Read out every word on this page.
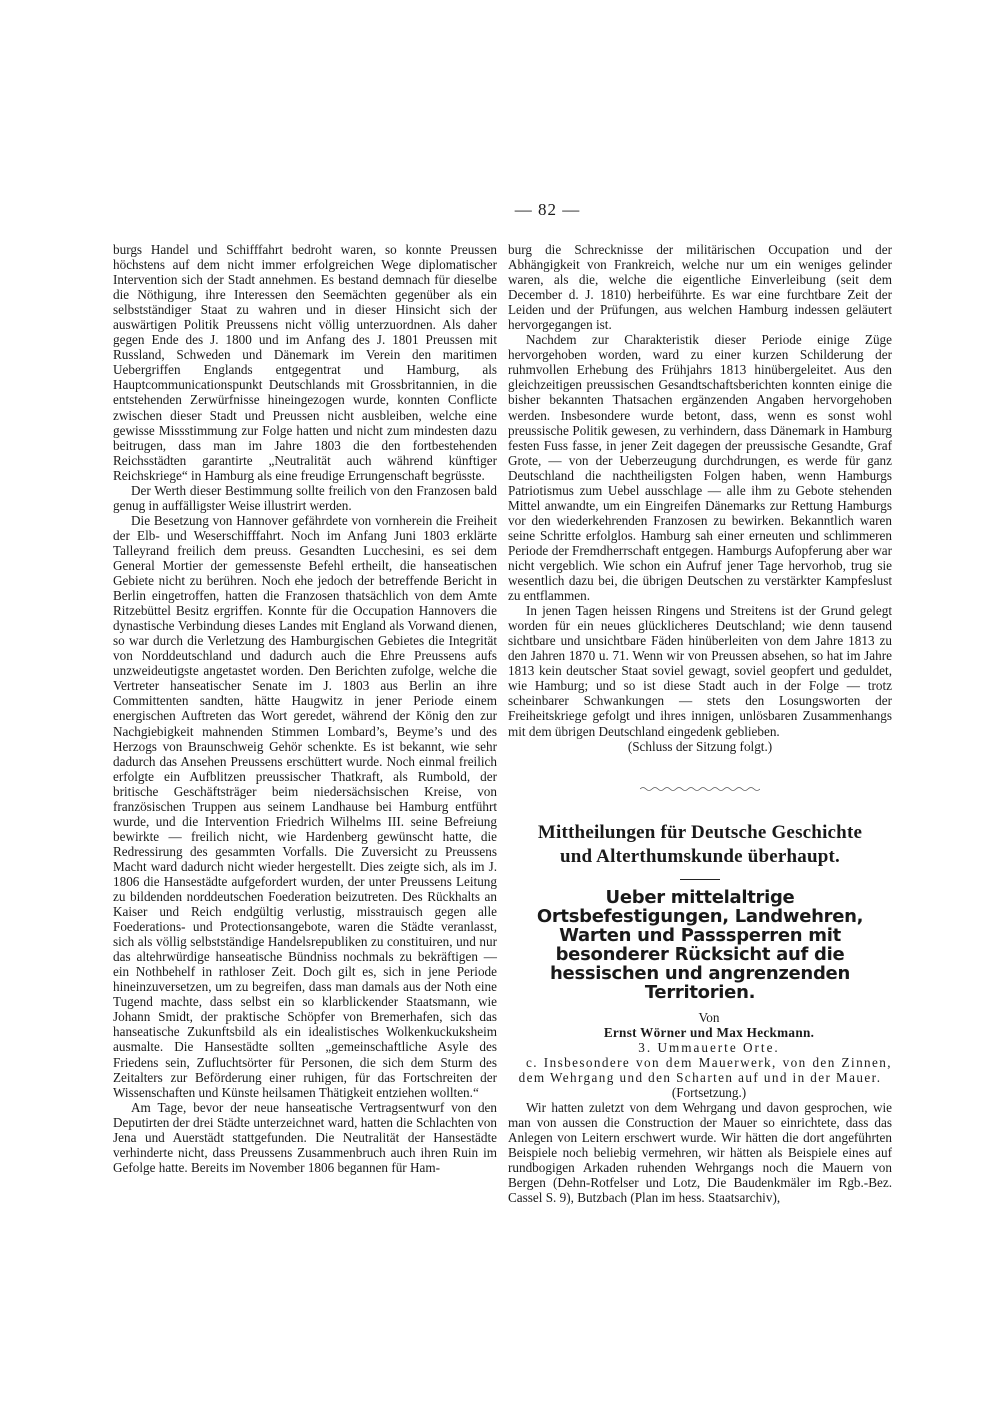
— 82 —

burgs Handel und Schifffahrt bedroht waren, so konnte Preussen höchstens auf dem nicht immer erfolgreichen Wege diplomatischer Intervention sich der Stadt annehmen. Es bestand demnach für dieselbe die Nöthigung, ihre Interessen den Seemächten gegenüber als ein selbstständiger Staat zu wahren und in dieser Hinsicht sich der auswärtigen Politik Preussens nicht völlig unterzuordnen. Als daher gegen Ende des J. 1800 und im Anfang des J. 1801 Preussen mit Russland, Schweden und Dänemark im Verein den maritimen Uebergriffen Englands entgegentrat und Hamburg, als Hauptcommunicationspunkt Deutschlands mit Grossbritannien, in die entstehenden Zerwürfnisse hineingezogen wurde, konnten Conflicte zwischen dieser Stadt und Preussen nicht ausbleiben, welche eine gewisse Missstimmung zur Folge hatten und nicht zum mindesten dazu beitrugen, dass man im Jahre 1803 die den fortbestehenden Reichsstädten garantirte „Neutralität auch während künftiger Reichskriege“ in Hamburg als eine freudige Errungenschaft begrüsste.

Der Werth dieser Bestimmung sollte freilich von den Franzosen bald genug in auffälligster Weise illustrirt werden.

Die Besetzung von Hannover gefährdete von vornherein die Freiheit der Elb- und Weserschifffahrt. Noch im Anfang Juni 1803 erklärte Talleyrand freilich dem preuss. Gesandten Lucchesini, es sei dem General Mortier der gemessenste Befehl ertheilt, die hanseatischen Gebiete nicht zu berühren. Noch ehe jedoch der betreffende Bericht in Berlin eingetroffen, hatten die Franzosen thatsächlich von dem Amte Ritzebüttel Besitz ergriffen. Konnte für die Occupation Hannovers die dynastische Verbindung dieses Landes mit England als Vorwand dienen, so war durch die Verletzung des Hamburgischen Gebietes die Integrität von Norddeutschland und dadurch auch die Ehre Preussens aufs unzweideutigste angetastet worden. Den Berichten zufolge, welche die Vertreter hanseatischer Senate im J. 1803 aus Berlin an ihre Committenten sandten, hätte Haugwitz in jener Periode einem energischen Auftreten das Wort geredet, während der König den zur Nachgiebigkeit mahnenden Stimmen Lombard’s, Beyme’s und des Herzogs von Braunschweig Gehör schenkte. Es ist bekannt, wie sehr dadurch das Ansehen Preussens erschüttert wurde. Noch einmal freilich erfolgte ein Aufblitzen preussischer Thatkraft, als Rumbold, der britische Geschäftsträger beim niedersächsischen Kreise, von französischen Truppen aus seinem Landhause bei Hamburg entführt wurde, und die Intervention Friedrich Wilhelms III. seine Befreiung bewirkte — freilich nicht, wie Hardenberg gewünscht hatte, die Redressirung des gesammten Vorfalls. Die Zuversicht zu Preussens Macht ward dadurch nicht wieder hergestellt. Dies zeigte sich, als im J. 1806 die Hansestädte aufgefordert wurden, der unter Preussens Leitung zu bildenden norddeutschen Foederation beizutreten. Des Rückhalts an Kaiser und Reich endgültig verlustig, misstrauisch gegen alle Foederations- und Protectionsangebote, waren die Städte veranlasst, sich als völlig selbstständige Handelsrepubliken zu constituiren, und nur das altehrwürdige hanseatische Bündniss nochmals zu bekräftigen — ein Nothbehelf in rathloser Zeit. Doch gilt es, sich in jene Periode hineinzuversetzen, um zu begreifen, dass man damals aus der Noth eine Tugend machte, dass selbst ein so klarblickender Staatsmann, wie Johann Smidt, der praktische Schöpfer von Bremerhafen, sich das hanseatische Zukunftsbild als ein idealistisches Wolkenkuckuksheim ausmalte. Die Hansestädte sollten „gemeinschaftliche Asyle des Friedens sein, Zufluchtsörter für Personen, die sich dem Sturm des Zeitalters zur Beförderung einer ruhigen, für das Fortschreiten der Wissenschaften und Künste heilsamen Thätigkeit entziehen wollten.“

Am Tage, bevor der neue hanseatische Vertragsentwurf von den Deputirten der drei Städte unterzeichnet ward, hatten die Schlachten von Jena und Auerstädt stattgefunden. Die Neutralität der Hansestädte verhinderte nicht, dass Preussens Zusammenbruch auch ihren Ruin im Gefolge hatte. Bereits im November 1806 begannen für Ham-

burg die Schrecknisse der militärischen Occupation und der Abhängigkeit von Frankreich, welche nur um ein weniges gelinder waren, als die, welche die eigentliche Einverleibung (seit dem December d. J. 1810) herbeiführte. Es war eine furchtbare Zeit der Leiden und der Prüfungen, aus welchen Hamburg indessen geläutert hervorgegangen ist.

Nachdem zur Charakteristik dieser Periode einige Züge hervorgehoben worden, ward zu einer kurzen Schilderung der ruhmvollen Erhebung des Frühjahrs 1813 hinübergeleitet. Aus den gleichzeitigen preussischen Gesandtschaftsberichten konnten einige die bisher bekannten Thatsachen ergänzenden Angaben hervorgehoben werden. Insbesondere wurde betont, dass, wenn es sonst wohl preussische Politik gewesen, zu verhindern, dass Dänemark in Hamburg festen Fuss fasse, in jener Zeit dagegen der preussische Gesandte, Graf Grote, — von der Ueberzeugung durchdrungen, es werde für ganz Deutschland die nachtheiligsten Folgen haben, wenn Hamburgs Patriotismus zum Uebel ausschlage — alle ihm zu Gebote stehenden Mittel anwandte, um ein Eingreifen Dänemarks zur Rettung Hamburgs vor den wiederkehrenden Franzosen zu bewirken. Bekanntlich waren seine Schritte erfolglos. Hamburg sah einer erneuten und schlimmeren Periode der Fremdherrschaft entgegen. Hamburgs Aufopferung aber war nicht vergeblich. Wie schon ein Aufruf jener Tage hervorhob, trug sie wesentlich dazu bei, die übrigen Deutschen zu verstärkter Kampfeslust zu entflammen.

In jenen Tagen heissen Ringens und Streitens ist der Grund gelegt worden für ein neues glücklicheres Deutschland; wie denn tausend sichtbare und unsichtbare Fäden hinüberleiten von dem Jahre 1813 zu den Jahren 1870 u. 71. Wenn wir von Preussen absehen, so hat im Jahre 1813 kein deutscher Staat soviel gewagt, soviel geopfert und geduldet, wie Hamburg; und so ist diese Stadt auch in der Folge — trotz scheinbarer Schwankungen — stets den Losungsworten der Freiheitskriege gefolgt und ihres innigen, unlösbaren Zusammenhangs mit dem übrigen Deutschland eingedenk geblieben.

(Schluss der Sitzung folgt.)

Mittheilungen für Deutsche Geschichte
und Alterthumskunde überhaupt.
Ueber mittelaltrige Ortsbefestigungen, Landwehren, Warten und Passsperren mit besonderer Rücksicht auf die hessischen und angrenzenden Territorien.

Von

Ernst Wörner und Max Heckmann.

3. Ummauerte Orte.

c. Insbesondere von dem Mauerwerk, von den Zinnen, dem Wehrgang und den Scharten auf und in der Mauer.

(Fortsetzung.)

Wir hatten zuletzt von dem Wehrgang und davon gesprochen, wie man von aussen die Construction der Mauer so einrichtete, dass das Anlegen von Leitern erschwert wurde. Wir hätten die dort angeführten Beispiele noch beliebig vermehren, wir hätten als Beispiele eines auf rundbogigen Arkaden ruhenden Wehrgangs noch die Mauern von Bergen (Dehn-Rotfelser und Lotz, Die Baudenkmäler im Rgb.-Bez. Cassel S. 9), Butzbach (Plan im hess. Staatsarchiv),
